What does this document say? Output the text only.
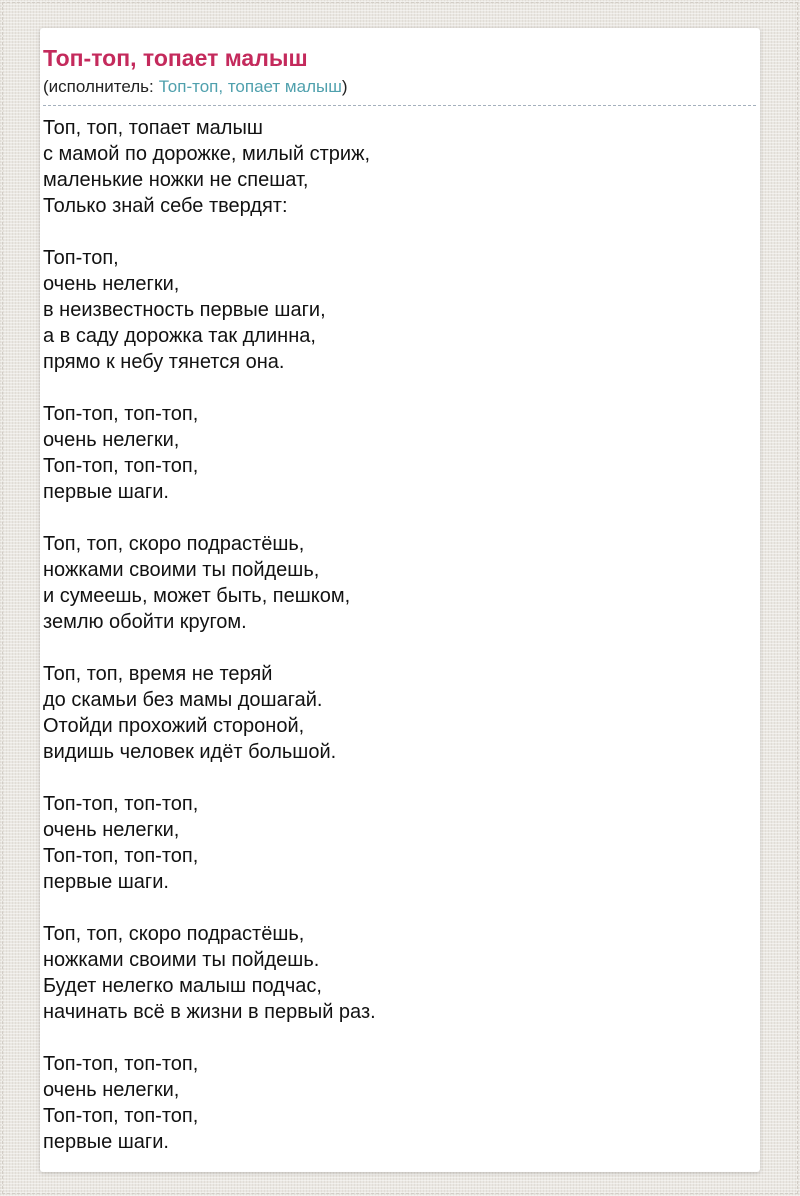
Топ-топ, топает малыш
(исполнитель: Топ-топ, топает малыш)

Топ, топ, топает малыш
с мамой по дорожке, милый стриж,
маленькие ножки не спешат,
Только знай себе твердят:

Топ-топ,
очень нелегки,
в неизвестность первые шаги,
а в саду дорожка так длинна,
прямо к небу тянется она.

Топ-топ, топ-топ,
очень нелегки,
Топ-топ, топ-топ,
первые шаги.

Топ, топ, скоро подрастёшь,
ножками своими ты пойдешь,
и сумеешь, может быть, пешком,
землю обойти кругом.

Топ, топ, время не теряй
до скамьи без мамы дошагай.
Отойди прохожий стороной,
видишь человек идёт большой.

Топ-топ, топ-топ,
очень нелегки,
Топ-топ, топ-топ,
первые шаги.

Топ, топ, скоро подрастёшь,
ножками своими ты пойдешь.
Будет нелегко малыш подчас,
начинать всё в жизни в первый раз.

Топ-топ, топ-топ,
очень нелегки,
Топ-топ, топ-топ,
первые шаги.
